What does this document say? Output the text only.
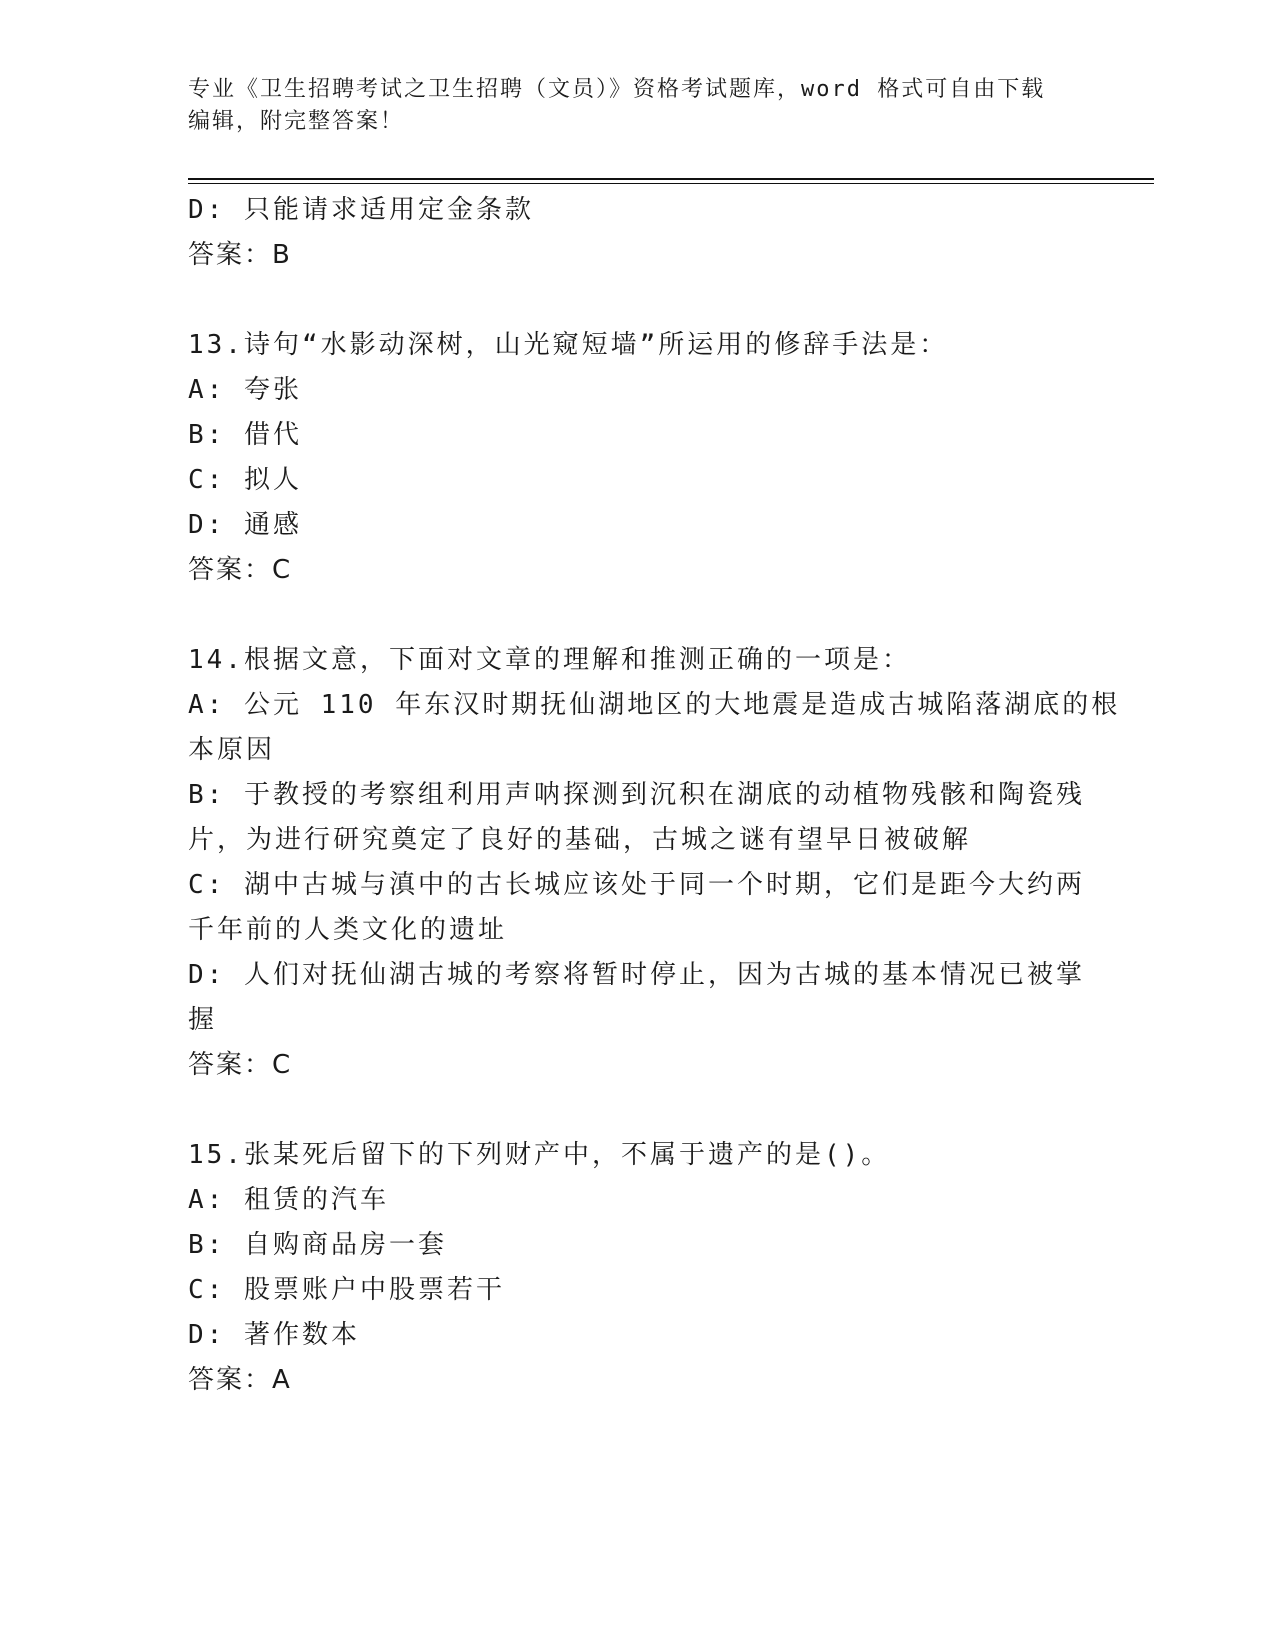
专业《卫生招聘考试之卫生招聘（文员）》资格考试题库，word 格式可自由下载
编辑，附完整答案！

D: 只能请求适用定金条款

答案：B

13.诗句“水影动深树，山光窥短墙”所运用的修辞手法是：

A: 夸张

B: 借代

C: 拟人

D: 通感

答案：C

14.根据文意，下面对文章的理解和推测正确的一项是：

A: 公元 110 年东汉时期抚仙湖地区的大地震是造成古城陷落湖底的根

本原因

B: 于教授的考察组利用声呐探测到沉积在湖底的动植物残骸和陶瓷残

片，为进行研究奠定了良好的基础，古城之谜有望早日被破解

C: 湖中古城与滇中的古长城应该处于同一个时期，它们是距今大约两

千年前的人类文化的遗址

D: 人们对抚仙湖古城的考察将暂时停止，因为古城的基本情况已被掌

握

答案：C

15.张某死后留下的下列财产中，不属于遗产的是()。

A: 租赁的汽车

B: 自购商品房一套

C: 股票账户中股票若干

D: 著作数本

答案：A
